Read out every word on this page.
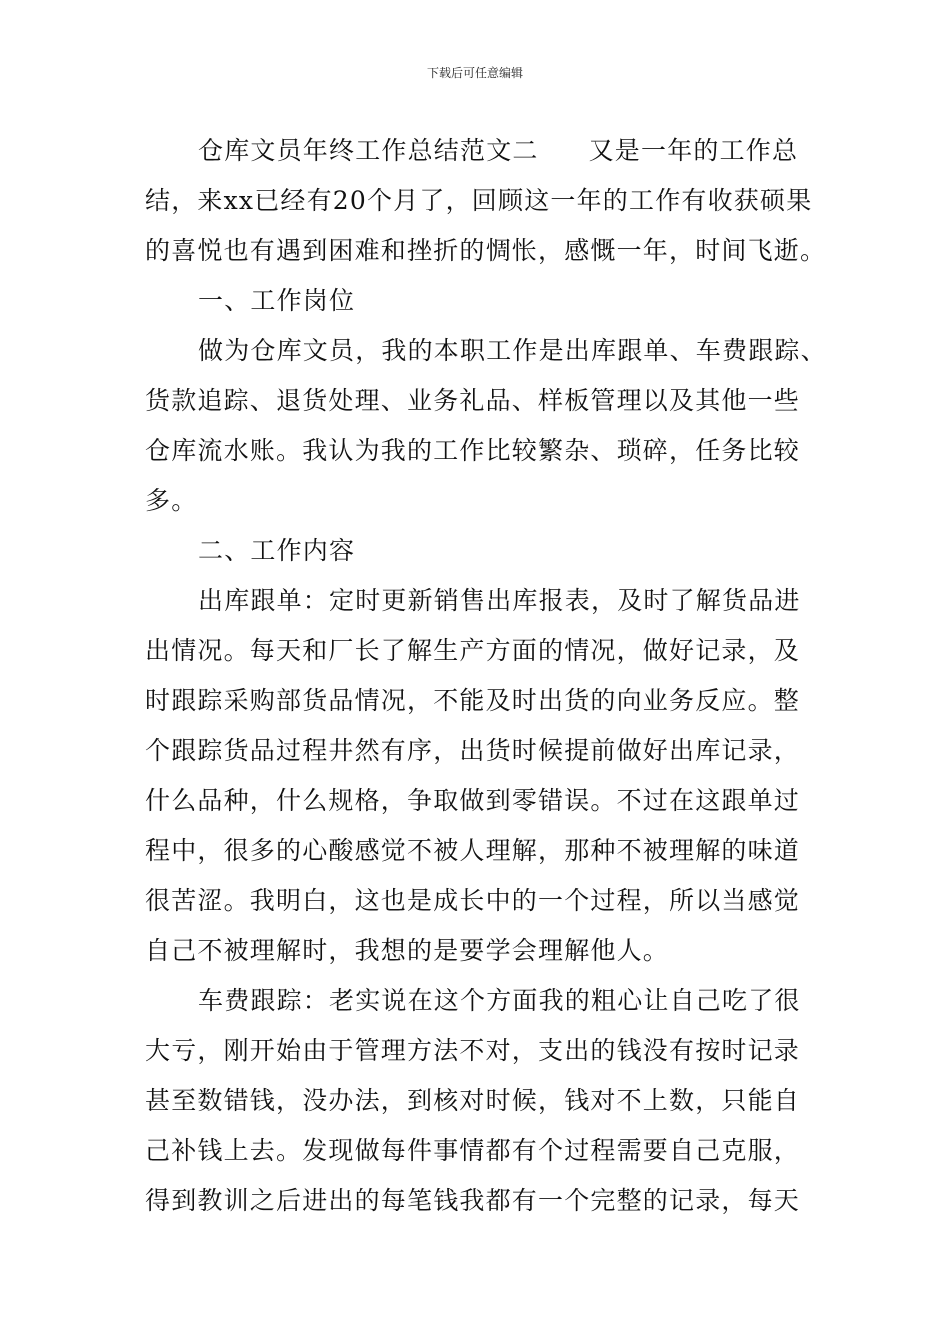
下载后可任意编辑
仓库文员年终工作总结范文二 又是一年的工作总
结，来xx已经有20个月了，回顾这一年的工作有收获硕果
的喜悦也有遇到困难和挫折的惆怅，感慨一年，时间飞逝。
一、工作岗位
做为仓库文员，我的本职工作是出库跟单、车费跟踪、
货款追踪、退货处理、业务礼品、样板管理以及其他一些
仓库流水账。我认为我的工作比较繁杂、琐碎，任务比较
多。
二、工作内容
出库跟单：定时更新销售出库报表，及时了解货品进
出情况。每天和厂长了解生产方面的情况，做好记录，及
时跟踪采购部货品情况，不能及时出货的向业务反应。整
个跟踪货品过程井然有序，出货时候提前做好出库记录，
什么品种，什么规格，争取做到零错误。不过在这跟单过
程中，很多的心酸感觉不被人理解，那种不被理解的味道
很苦涩。我明白，这也是成长中的一个过程，所以当感觉
自己不被理解时，我想的是要学会理解他人。
车费跟踪：老实说在这个方面我的粗心让自己吃了很
大亏，刚开始由于管理方法不对，支出的钱没有按时记录
甚至数错钱，没办法，到核对时候，钱对不上数，只能自
己补钱上去。发现做每件事情都有个过程需要自己克服，
得到教训之后进出的每笔钱我都有一个完整的记录，每天
